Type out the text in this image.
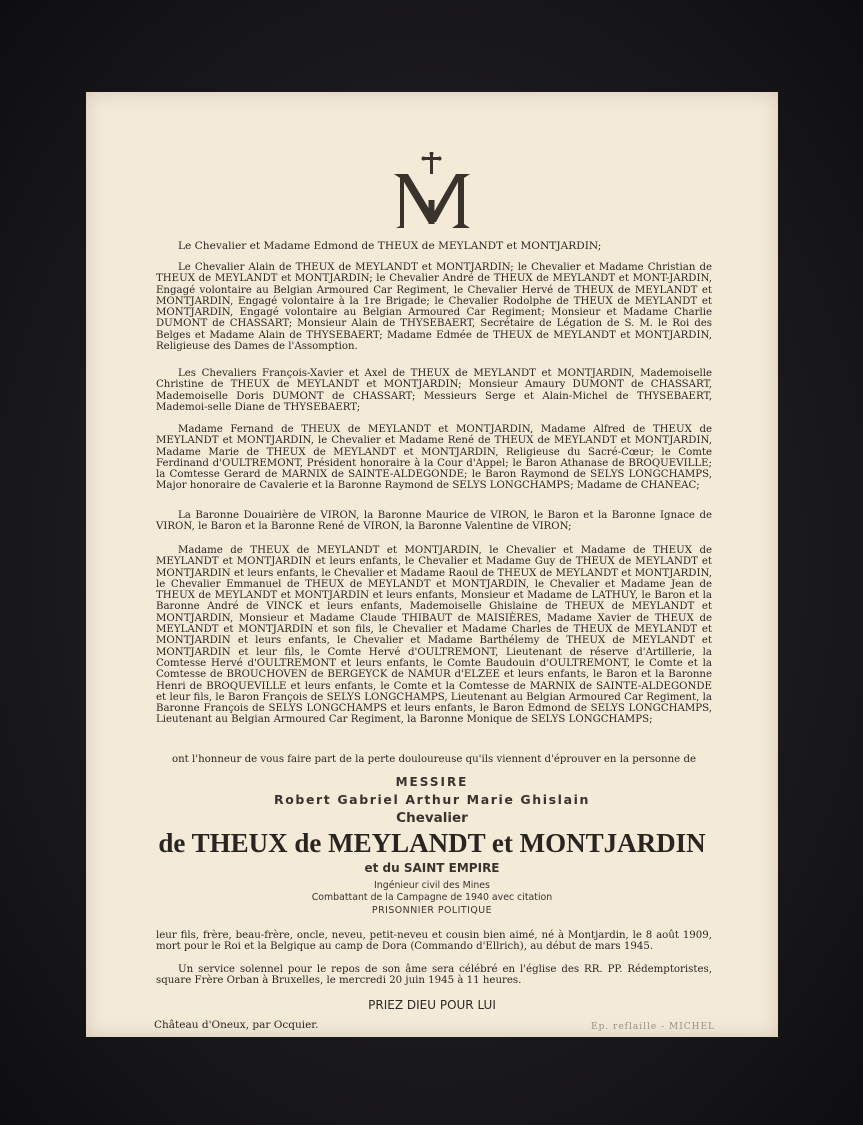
Le Chevalier et Madame Edmond de THEUX de MEYLANDT et MONTJARDIN;
Le Chevalier Alain de THEUX de MEYLANDT et MONTJARDIN; le Chevalier et Madame Christian de THEUX de MEYLANDT et MONTJARDIN; le Chevalier André de THEUX de MEYLANDT et MONT-JARDIN, Engagé volontaire au Belgian Armoured Car Regiment, le Chevalier Hervé de THEUX de MEYLANDT et MONTJARDIN, Engagé volontaire à la 1re Brigade; le Chevalier Rodolphe de THEUX de MEYLANDT et MONTJARDIN, Engagé volontaire au Belgian Armoured Car Regiment; Monsieur et Madame Charlie DUMONT de CHASSART; Monsieur Alain de THYSEBAERT, Secrétaire de Légation de S. M. le Roi des Belges et Madame Alain de THYSEBAERT; Madame Edmée de THEUX de MEYLANDT et MONTJARDIN, Religieuse des Dames de l'Assomption.
Les Chevaliers François-Xavier et Axel de THEUX de MEYLANDT et MONTJARDIN, Mademoiselle Christine de THEUX de MEYLANDT et MONTJARDIN; Monsieur Amaury DUMONT de CHASSART, Mademoiselle Doris DUMONT de CHASSART; Messieurs Serge et Alain-Michel de THYSEBAERT, Mademoi-selle Diane de THYSEBAERT;
Madame Fernand de THEUX de MEYLANDT et MONTJARDIN, Madame Alfred de THEUX de MEYLANDT et MONTJARDIN, le Chevalier et Madame René de THEUX de MEYLANDT et MONTJARDIN, Madame Marie de THEUX de MEYLANDT et MONTJARDIN, Religieuse du Sacré-Cœur; le Comte Ferdinand d'OULTREMONT, Président honoraire à la Cour d'Appel; le Baron Athanase de BROQUEVILLE; la Comtesse Gerard de MARNIX de SAINTE-ALDEGONDE; le Baron Raymond de SELYS LONGCHAMPS, Major honoraire de Cavalerie et la Baronne Raymond de SELYS LONGCHAMPS; Madame de CHANEAC;
La Baronne Douairière de VIRON, la Baronne Maurice de VIRON, le Baron et la Baronne Ignace de VIRON, le Baron et la Baronne René de VIRON, la Baronne Valentine de VIRON;
Madame de THEUX de MEYLANDT et MONTJARDIN, le Chevalier et Madame de THEUX de MEYLANDT et MONTJARDIN et leurs enfants, le Chevalier et Madame Guy de THEUX de MEYLANDT et MONTJARDIN et leurs enfants, le Chevalier et Madame Raoul de THEUX de MEYLANDT et MONTJARDIN, le Chevalier Emmanuel de THEUX de MEYLANDT et MONTJARDIN, le Chevalier et Madame Jean de THEUX de MEYLANDT et MONTJARDIN et leurs enfants, Monsieur et Madame de LATHUY, le Baron et la Baronne André de VINCK et leurs enfants, Mademoiselle Ghislaine de THEUX de MEYLANDT et MONTJARDIN, Monsieur et Madame Claude THIBAUT de MAISIÈRES, Madame Xavier de THEUX de MEYLANDT et MONTJARDIN et son fils, le Chevalier et Madame Charles de THEUX de MEYLANDT et MONTJARDIN et leurs enfants, le Chevalier et Madame Barthélemy de THEUX de MEYLANDT et MONTJARDIN et leur fils, le Comte Hervé d'OULTREMONT, Lieutenant de réserve d'Artillerie, la Comtesse Hervé d'OULTREMONT et leurs enfants, le Comte Baudouin d'OULTREMONT, le Comte et la Comtesse de BROUCHOVEN de BERGEYCK de NAMUR d'ELZEE et leurs enfants, le Baron et la Baronne Henri de BROQUEVILLE et leurs enfants, le Comte et la Comtesse de MARNIX de SAINTE-ALDEGONDE et leur fils, le Baron François de SELYS LONGCHAMPS, Lieutenant au Belgian Armoured Car Regiment, la Baronne François de SELYS LONGCHAMPS et leurs enfants, le Baron Edmond de SELYS LONGCHAMPS, Lieutenant au Belgian Armoured Car Regiment, la Baronne Monique de SELYS LONGCHAMPS;
ont l'honneur de vous faire part de la perte douloureuse qu'ils viennent d'éprouver en la personne de
MESSIRE
Robert Gabriel Arthur Marie Ghislain
Chevalier
de THEUX de MEYLANDT et MONTJARDIN
et du SAINT EMPIRE
Ingénieur civil des Mines
Combattant de la Campagne de 1940 avec citation
PRISONNIER POLITIQUE
leur fils, frère, beau-frère, oncle, neveu, petit-neveu et cousin bien aimé, né à Montjardin, le 8 août 1909, mort pour le Roi et la Belgique au camp de Dora (Commando d'Ellrich), au début de mars 1945.
Un service solennel pour le repos de son âme sera célébré en l'église des RR. PP. Rédemptoristes, square Frère Orban à Bruxelles, le mercredi 20 juin 1945 à 11 heures.
PRIEZ DIEU POUR LUI
Château d'Oneux, par Ocquier.	Ep. reflaille - MICHEL
